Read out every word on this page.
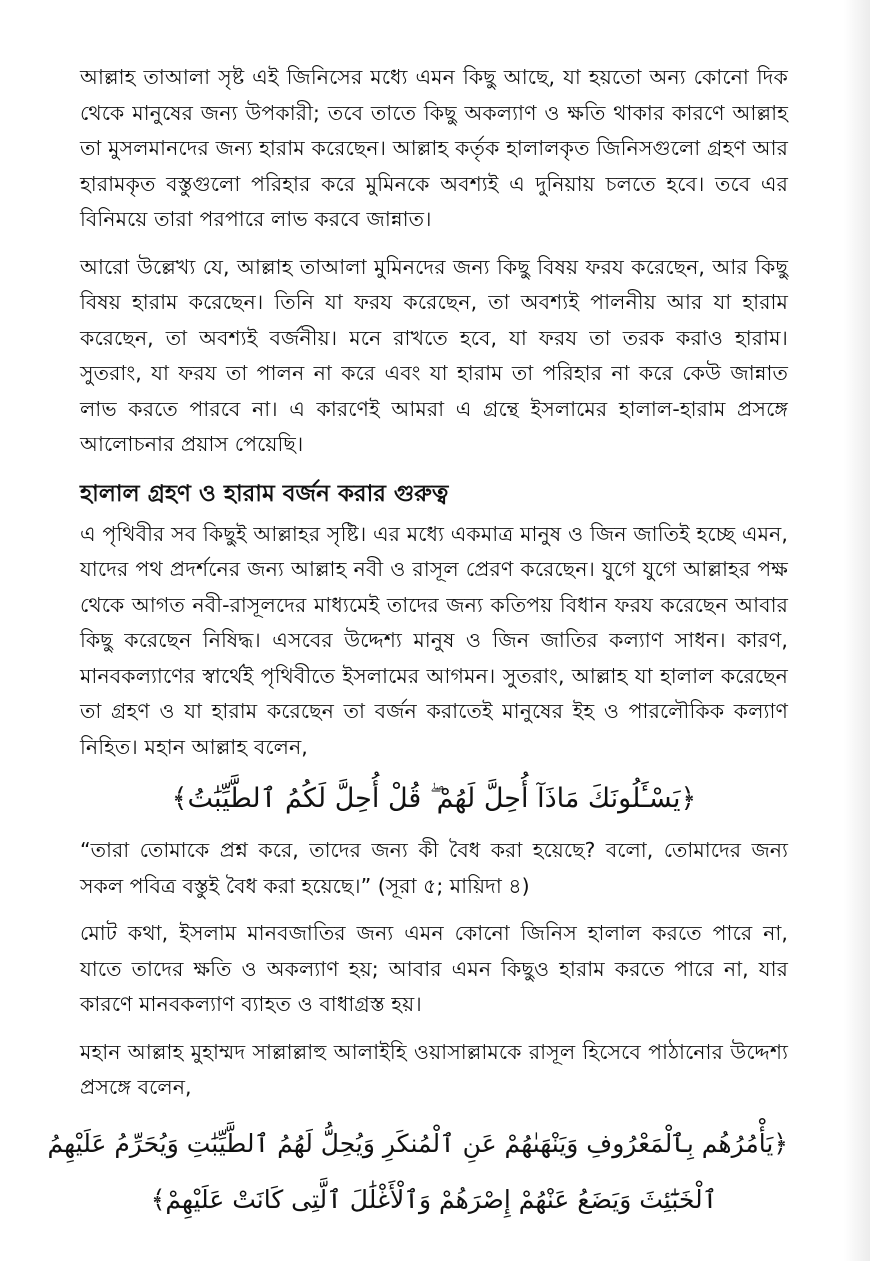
আল্লাহ তাআলা সৃষ্ট এই জিনিসের মধ্যে এমন কিছু আছে, যা হয়তো অন্য কোনো দিক থেকে মানুষের জন্য উপকারী; তবে তাতে কিছু অকল্যাণ ও ক্ষতি থাকার কারণে আল্লাহ তা মুসলমানদের জন্য হারাম করেছেন। আল্লাহ কর্তৃক হালালকৃত জিনিসগুলো গ্রহণ আর হারামকৃত বস্তুগুলো পরিহার করে মুমিনকে অবশ্যই এ দুনিয়ায় চলতে হবে। তবে এর বিনিময়ে তারা পরপারে লাভ করবে জান্নাত।

আরো উল্লেখ্য যে, আল্লাহ তাআলা মুমিনদের জন্য কিছু বিষয় ফরয করেছেন, আর কিছু বিষয় হারাম করেছেন। তিনি যা ফরয করেছেন, তা অবশ্যই পালনীয় আর যা হারাম করেছেন, তা অবশ্যই বর্জনীয়। মনে রাখতে হবে, যা ফরয তা তরক করাও হারাম। সুতরাং, যা ফরয তা পালন না করে এবং যা হারাম তা পরিহার না করে কেউ জান্নাত লাভ করতে পারবে না। এ কারণেই আমরা এ গ্রন্থে ইসলামের হালাল-হারাম প্রসঙ্গে আলোচনার প্রয়াস পেয়েছি।

হালাল গ্রহণ ও হারাম বর্জন করার গুরুত্ব

এ পৃথিবীর সব কিছুই আল্লাহর সৃষ্টি। এর মধ্যে একমাত্র মানুষ ও জিন জাতিই হচ্ছে এমন, যাদের পথ প্রদর্শনের জন্য আল্লাহ নবী ও রাসূল প্রেরণ করেছেন। যুগে যুগে আল্লাহর পক্ষ থেকে আগত নবী-রাসূলদের মাধ্যমেই তাদের জন্য কতিপয় বিধান ফরয করেছেন আবার কিছু করেছেন নিষিদ্ধ। এসবের উদ্দেশ্য মানুষ ও জিন জাতির কল্যাণ সাধন। কারণ, মানবকল্যাণের স্বার্থেই পৃথিবীতে ইসলামের আগমন। সুতরাং, আল্লাহ যা হালাল করেছেন তা গ্রহণ ও যা হারাম করেছেন তা বর্জন করাতেই মানুষের ইহ ও পারলৌকিক কল্যাণ নিহিত। মহান আল্লাহ বলেন,

﴿يَسْـَٔلُونَكَ مَاذَآ أُحِلَّ لَهُمْ ۖ قُلْ أُحِلَّ لَكُمُ ٱلطَّيِّبَٰتُ﴾

“তারা তোমাকে প্রশ্ন করে, তাদের জন্য কী বৈধ করা হয়েছে? বলো, তোমাদের জন্য সকল পবিত্র বস্তুই বৈধ করা হয়েছে।” (সূরা ৫; মায়িদা ৪)

মোট কথা, ইসলাম মানবজাতির জন্য এমন কোনো জিনিস হালাল করতে পারে না, যাতে তাদের ক্ষতি ও অকল্যাণ হয়; আবার এমন কিছুও হারাম করতে পারে না, যার কারণে মানবকল্যাণ ব্যাহত ও বাধাগ্রস্ত হয়।

মহান আল্লাহ মুহাম্মদ সাল্লাল্লাহু আলাইহি ওয়াসাল্লামকে রাসূল হিসেবে পাঠানোর উদ্দেশ্য প্রসঙ্গে বলেন,

﴿يَأْمُرُهُم بِٱلْمَعْرُوفِ وَيَنْهَىٰهُمْ عَنِ ٱلْمُنكَرِ وَيُحِلُّ لَهُمُ ٱلطَّيِّبَٰتِ وَيُحَرِّمُ عَلَيْهِمُ
ٱلْخَبَٰٓئِثَ وَيَضَعُ عَنْهُمْ إِصْرَهُمْ وَٱلْأَغْلَٰلَ ٱلَّتِى كَانَتْ عَلَيْهِمْ﴾
